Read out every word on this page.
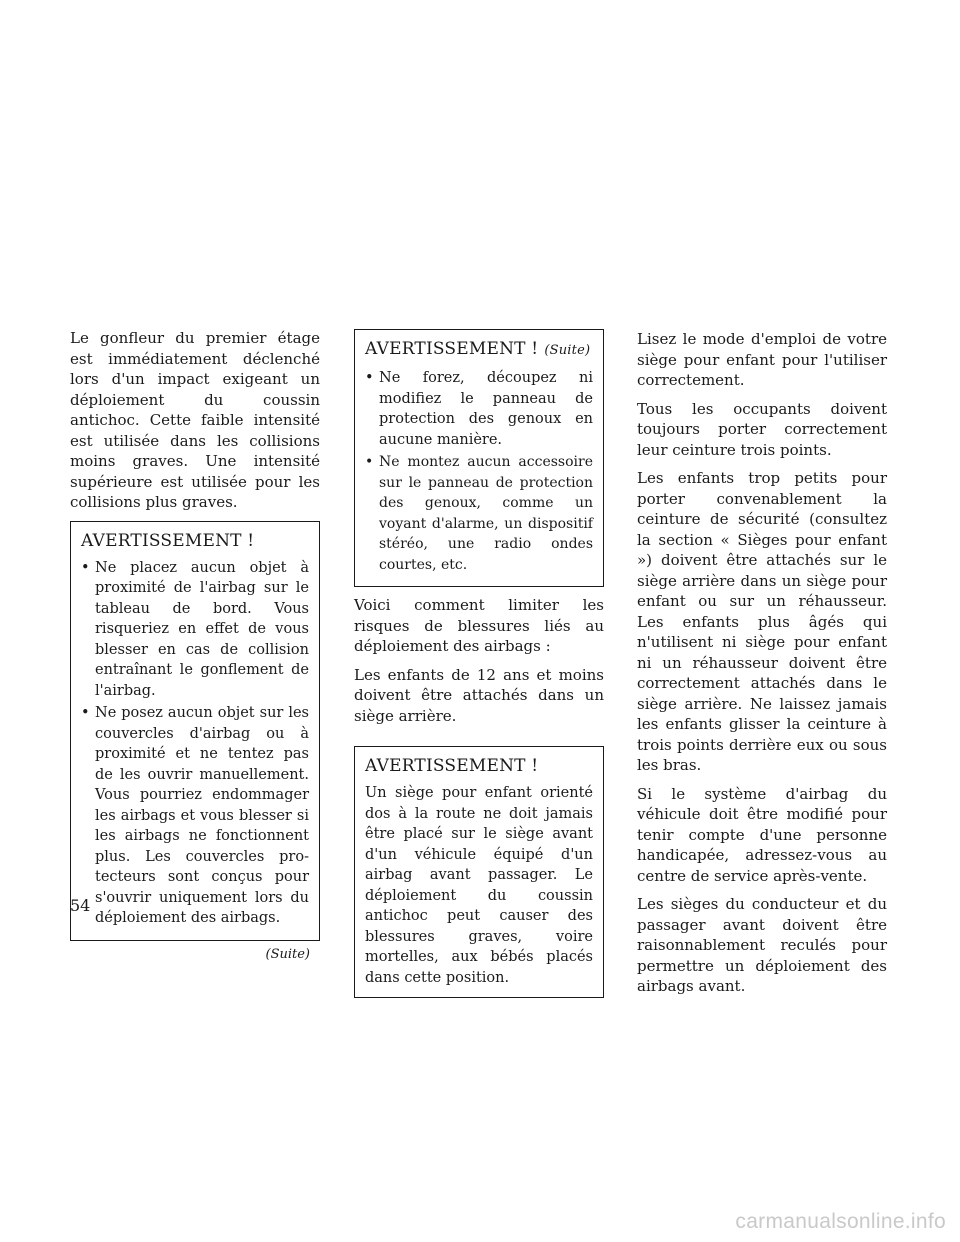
Le gonfleur du premier étage est immédiatement déclenché lors d'un impact exigeant un déploiement du coussin antichoc. Cette faible intensité est utilisée dans les collisions moins graves. Une intensité supérieure est utilisée pour les collisions plus graves.

AVERTISSEMENT !
• Ne placez aucun objet à proximité de l'airbag sur le tableau de bord. Vous risqueriez en effet de vous blesser en cas de collision entraînant le gonflement de l'airbag.
• Ne posez aucun objet sur les couvercles d'airbag ou à proximité et ne tentez pas de les ouvrir manuellement. Vous pourriez endommager les airbags et vous blesser si les airbags ne fonctionnent plus. Les couvercles protecteurs sont conçus pour s'ouvrir uniquement lors du déploiement des airbags.
(Suite)
AVERTISSEMENT ! (Suite)
• Ne forez, découpez ni modifiez le panneau de protection des genoux en aucune manière.
• Ne montez aucun accessoire sur le panneau de protection des genoux, comme un voyant d'alarme, un dispositif stéréo, une radio ondes courtes, etc.

Voici comment limiter les risques de blessures liés au déploiement des airbags :

Les enfants de 12 ans et moins doivent être attachés dans un siège arrière.

AVERTISSEMENT !

Un siège pour enfant orienté dos à la route ne doit jamais être placé sur le siège avant d'un véhicule équipé d'un airbag avant passager. Le déploiement du coussin antichoc peut causer des blessures graves, voire mortelles, aux bébés placés dans cette position.

Lisez le mode d'emploi de votre siège pour enfant pour l'utiliser correctement.

Tous les occupants doivent toujours porter correctement leur ceinture trois points.

Les enfants trop petits pour porter convenablement la ceinture de sécurité (consultez la section « Sièges pour enfant ») doivent être attachés sur le siège arrière dans un siège pour enfant ou sur un réhausseur. Les enfants plus âgés qui n'utilisent ni siège pour enfant ni un réhausseur doivent être correctement attachés dans le siège arrière. Ne laissez jamais les enfants glisser la ceinture à trois points derrière eux ou sous les bras.

Si le système d'airbag du véhicule doit être modifié pour tenir compte d'une personne handicapée, adressez-vous au centre de service après-vente.

Les sièges du conducteur et du passager avant doivent être raisonnablement reculés pour permettre un déploiement des airbags avant.

54
carmanualsonline.info
